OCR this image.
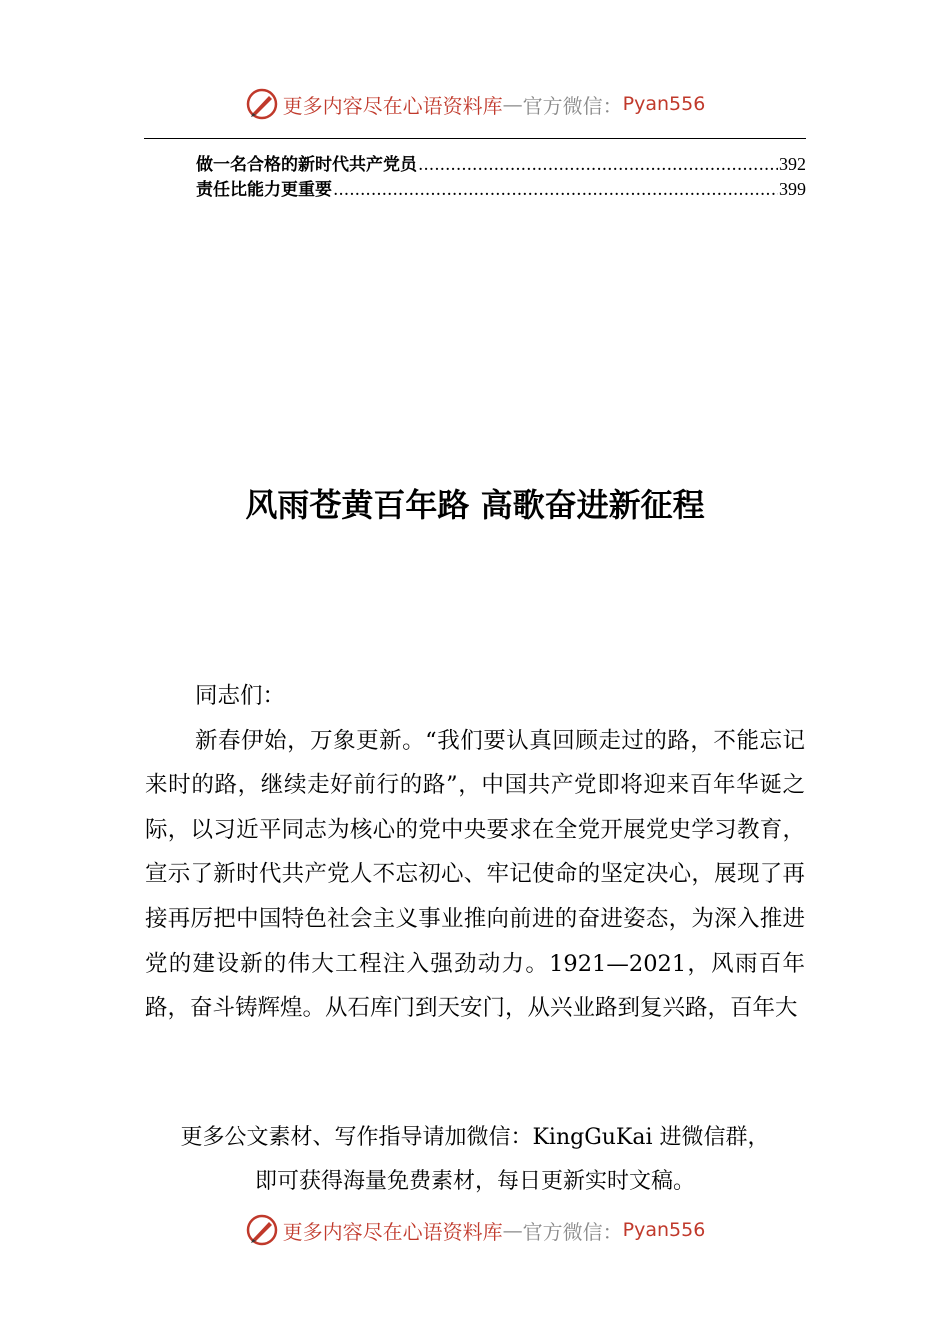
更多内容尽在心语资料库 — 官方微信： Pyan556
做一名合格的新时代共产党员 .....	392
责任比能力更重要 .....	399
风雨苍黄百年路 高歌奋进新征程

同志们：

新春伊始，万象更新。“我们要认真回顾走过的路，不能忘记来时的路，继续走好前行的路”，中国共产党即将迎来百年华诞之际，以习近平同志为核心的党中央要求在全党开展党史学习教育，宣示了新时代共产党人不忘初心、牢记使命的坚定决心，展现了再接再厉把中国特色社会主义事业推向前进的奋进姿态，为深入推进党的建设新的伟大工程注入强劲动力。1921—2021，风雨百年路，奋斗铸辉煌。从石库门到天安门，从兴业路到复兴路，百年大

更多公文素材、写作指导请加微信：KingGuKai 进微信群，
即可获得海量免费素材，每日更新实时文稿。
更多内容尽在心语资料库 — 官方微信： Pyan556
